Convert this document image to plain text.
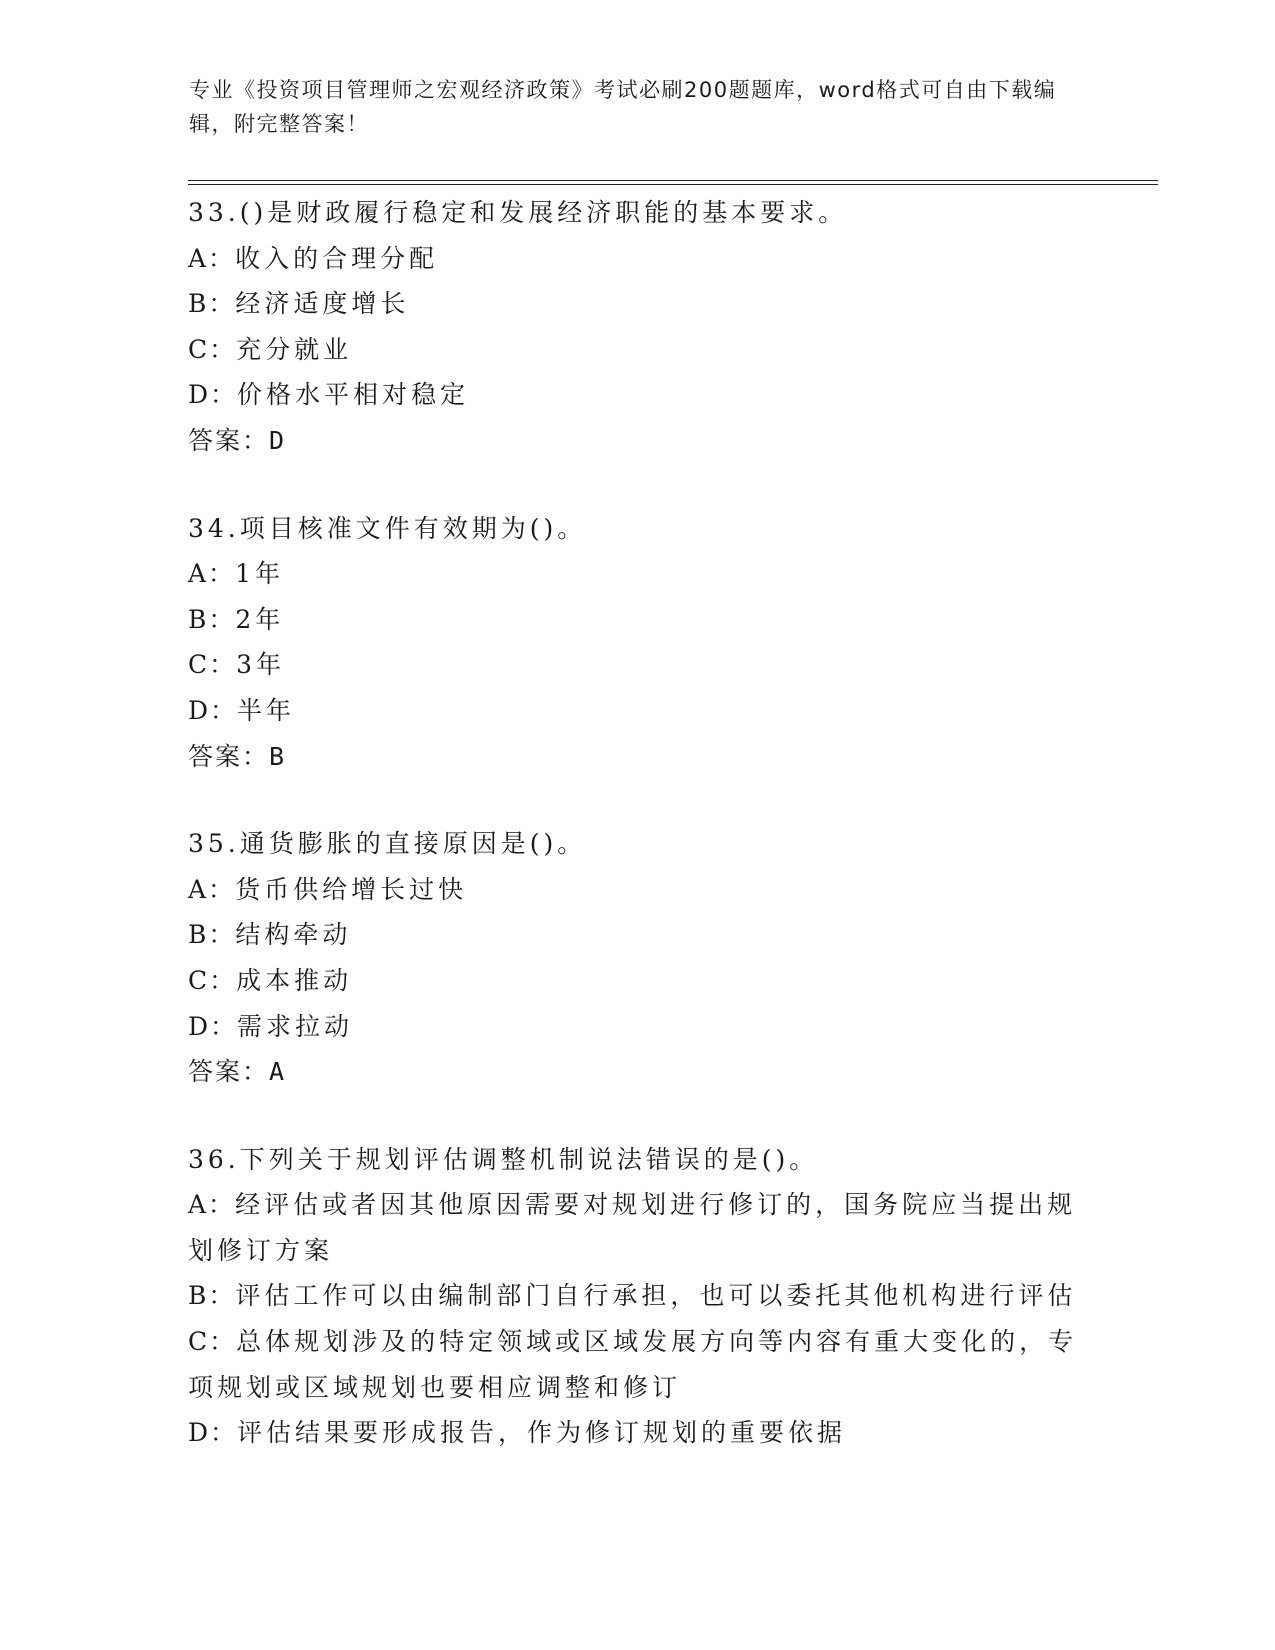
专业《投资项目管理师之宏观经济政策》考试必刷200题题库，word格式可自由下载编辑，附完整答案！
33.()是财政履行稳定和发展经济职能的基本要求。
A：收入的合理分配
B：经济适度增长
C：充分就业
D：价格水平相对稳定
答案：D
34.项目核准文件有效期为()。
A：1年
B：2年
C：3年
D：半年
答案：B
35.通货膨胀的直接原因是()。
A：货币供给增长过快
B：结构牵动
C：成本推动
D：需求拉动
答案：A
36.下列关于规划评估调整机制说法错误的是()。
A：经评估或者因其他原因需要对规划进行修订的，国务院应当提出规划修订方案
B：评估工作可以由编制部门自行承担，也可以委托其他机构进行评估
C：总体规划涉及的特定领域或区域发展方向等内容有重大变化的，专项规划或区域规划也要相应调整和修订
D：评估结果要形成报告，作为修订规划的重要依据
